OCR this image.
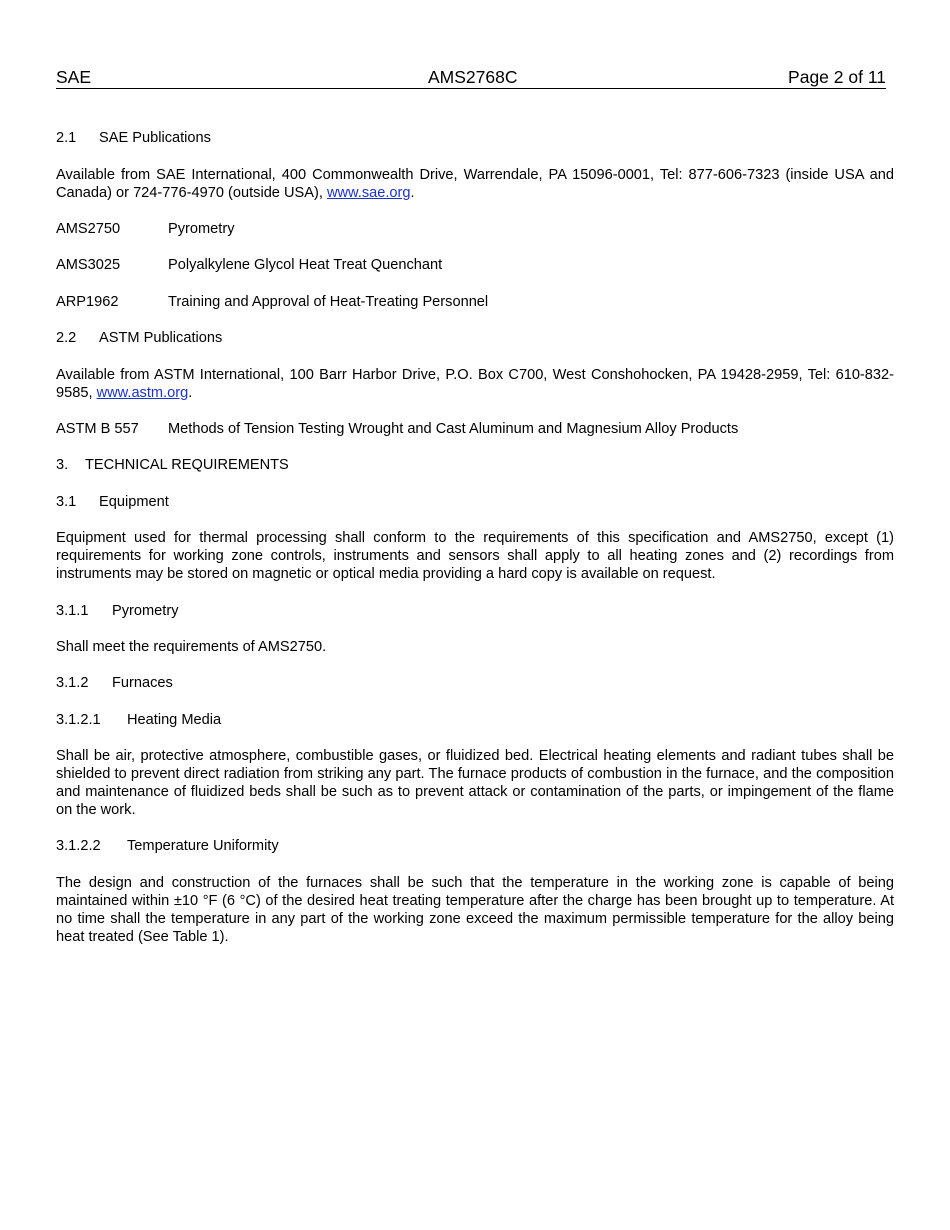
SAE	AMS2768C	Page 2 of 11
2.1 SAE Publications
Available from SAE International, 400 Commonwealth Drive, Warrendale, PA 15096-0001, Tel: 877-606-7323 (inside USA and Canada) or 724-776-4970 (outside USA), www.sae.org.
AMS2750	Pyrometry
AMS3025	Polyalkylene Glycol Heat Treat Quenchant
ARP1962	Training and Approval of Heat-Treating Personnel
2.2 ASTM Publications
Available from ASTM International, 100 Barr Harbor Drive, P.O. Box C700, West Conshohocken, PA 19428-2959, Tel: 610-832-9585, www.astm.org.
ASTM B 557 Methods of Tension Testing Wrought and Cast Aluminum and Magnesium Alloy Products
3. TECHNICAL REQUIREMENTS
3.1 Equipment
Equipment used for thermal processing shall conform to the requirements of this specification and AMS2750, except (1) requirements for working zone controls, instruments and sensors shall apply to all heating zones and (2) recordings from instruments may be stored on magnetic or optical media providing a hard copy is available on request.
3.1.1 Pyrometry
Shall meet the requirements of AMS2750.
3.1.2 Furnaces
3.1.2.1 Heating Media
Shall be air, protective atmosphere, combustible gases, or fluidized bed. Electrical heating elements and radiant tubes shall be shielded to prevent direct radiation from striking any part. The furnace products of combustion in the furnace, and the composition and maintenance of fluidized beds shall be such as to prevent attack or contamination of the parts, or impingement of the flame on the work.
3.1.2.2 Temperature Uniformity
The design and construction of the furnaces shall be such that the temperature in the working zone is capable of being maintained within ±10 °F (6 °C) of the desired heat treating temperature after the charge has been brought up to temperature. At no time shall the temperature in any part of the working zone exceed the maximum permissible temperature for the alloy being heat treated (See Table 1).
